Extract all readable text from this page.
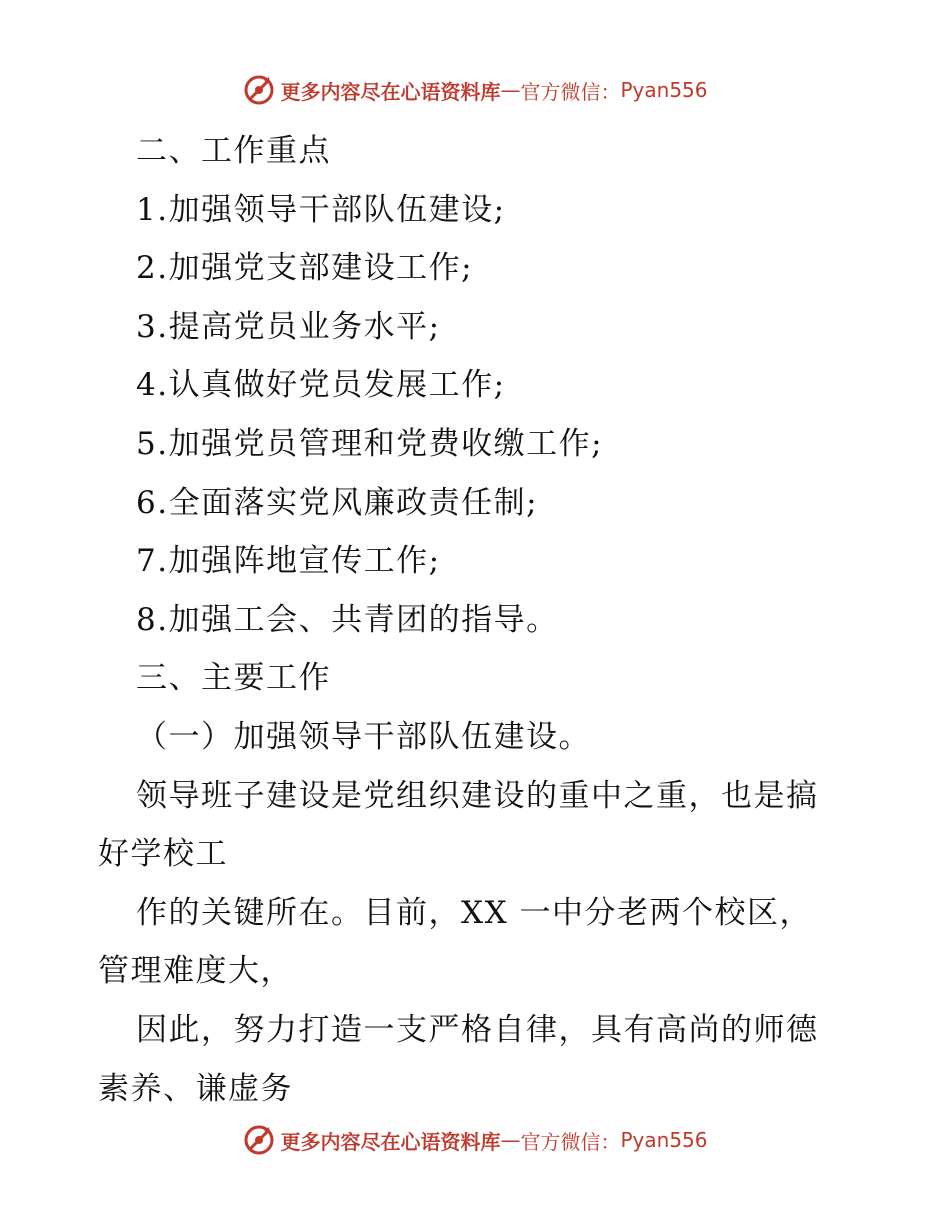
更多内容尽在心语资料库 — 官方微信： Pyan556
二、工作重点
1.加强领导干部队伍建设;
2.加强党支部建设工作;
3.提高党员业务水平;
4.认真做好党员发展工作;
5.加强党员管理和党费收缴工作;
6.全面落实党风廉政责任制;
7.加强阵地宣传工作;
8.加强工会、共青团的指导。
三、主要工作
（一）加强领导干部队伍建设。
领导班子建设是党组织建设的重中之重，也是搞
好学校工
作的关键所在。目前，XX 一中分老两个校区，
管理难度大，
因此，努力打造一支严格自律，具有高尚的师德
素养、谦虚务
更多内容尽在心语资料库 — 官方微信： Pyan556
